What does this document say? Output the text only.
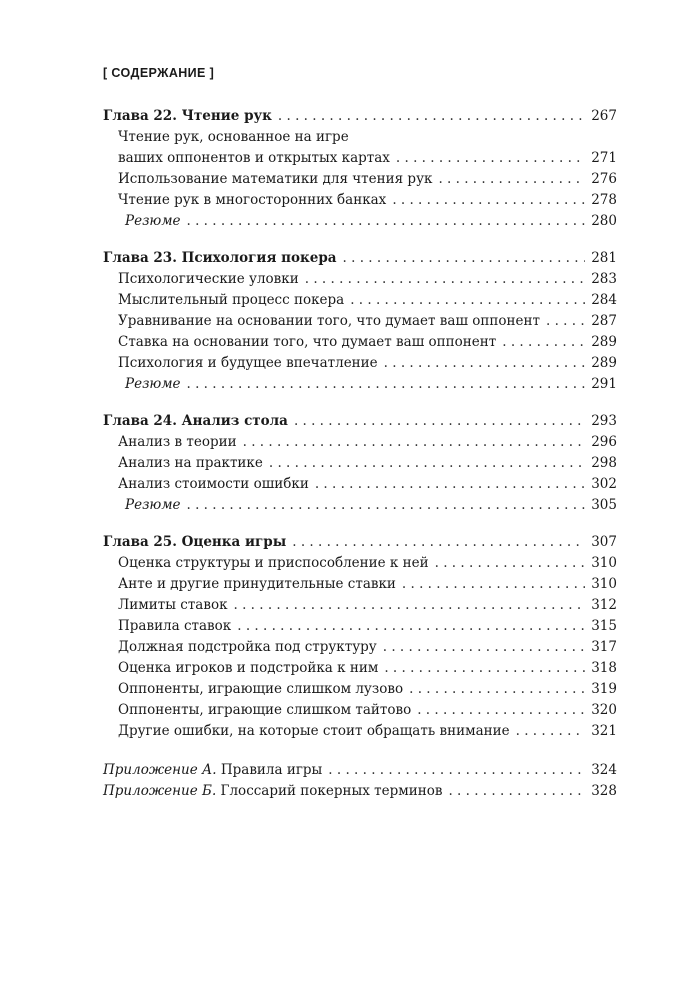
[ СОДЕРЖАНИЕ ]
Глава 22. Чтение рук . . .	267
Чтение рук, основанное на игре
ваших оппонентов и открытых картах . . .	271
Использование математики для чтения рук . . .	276
Чтение рук в многосторонних банках . . .	278
Резюме . . .	280
Глава 23. Психология покера . . .	281
Психологические уловки . . .	283
Мыслительный процесс покера . . .	284
Уравнивание на основании того, что думает ваш оппонент . . .	287
Ставка на основании того, что думает ваш оппонент . . .	289
Психология и будущее впечатление . . .	289
Резюме . . .	291
Глава 24. Анализ стола . . .	293
Анализ в теории . . .	296
Анализ на практике . . .	298
Анализ стоимости ошибки . . .	302
Резюме . . .	305
Глава 25. Оценка игры . . .	307
Оценка структуры и приспособление к ней . . .	310
Анте и другие принудительные ставки . . .	310
Лимиты ставок . . .	312
Правила ставок . . .	315
Должная подстройка под структуру . . .	317
Оценка игроков и подстройка к ним . . .	318
Оппоненты, играющие слишком лузово . . .	319
Оппоненты, играющие слишком тайтово . . .	320
Другие ошибки, на которые стоит обращать внимание . . .	321
Приложение А. Правила игры . . .	324
Приложение Б. Глоссарий покерных терминов . . .	328
